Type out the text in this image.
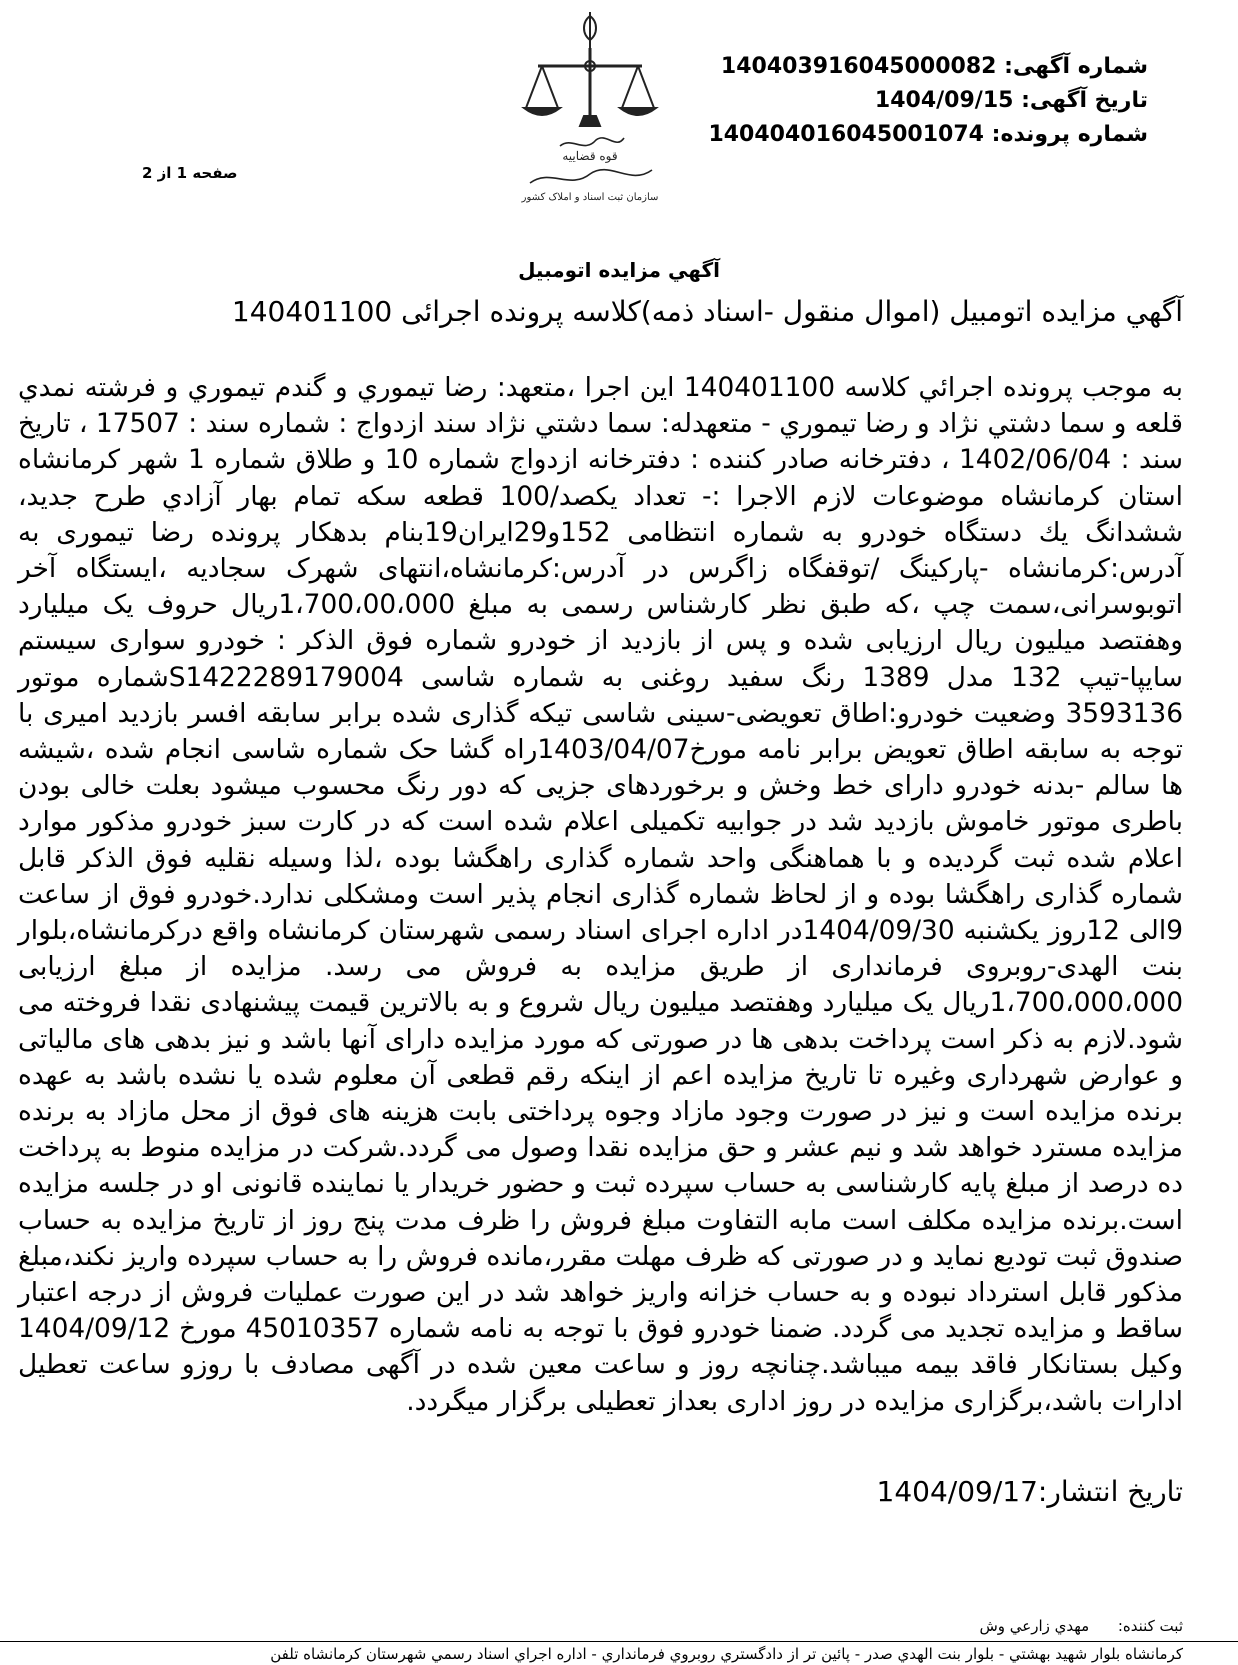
شماره آگهی: 140403916045000082
تاریخ آگهی: 1404/09/15
شماره پرونده: 140404016045001074
قوه قضاییه
سازمان ثبت اسناد و املاک کشور
صفحه 1 از 2
آگهي مزايده اتومبيل
آگهي مزايده اتومبيل (اموال منقول -اسناد ذمه)کلاسه پرونده اجرائی 140401100

به موجب پرونده اجرائي كلاسه 140401100 اين اجرا ،متعهد: رضا تيموري و گندم تيموري و فرشته نمدي قلعه و سما دشتي نژاد و رضا تيموري - متعهدله: سما دشتي نژاد سند ازدواج : شماره سند : 17507 ، تاريخ سند : 1402/06/04 ، دفترخانه صادر كننده : دفترخانه ازدواج شماره 10 و طلاق شماره 1 شهر كرمانشاه استان كرمانشاه موضوعات لازم الاجرا :- تعداد یکصد/100 قطعه سکه تمام بهار آزادي طرح جديد، ششدانگ يك دستگاه خودرو به شماره انتظامی 152و29ایران19بنام بدهکار پرونده رضا تیموری به آدرس:کرمانشاه -پارکینگ /توقفگاه زاگرس در آدرس:کرمانشاه،انتهای شهرک سجادیه ،ایستگاه آخر اتوبوسرانی،سمت چپ ،که طبق نظر کارشناس رسمی به مبلغ 1،700،00،000ریال حروف یک میلیارد وهفتصد میلیون ریال ارزیابی شده و پس از بازدید از خودرو شماره فوق الذکر : خودرو سواری سیستم سایپا-تیپ 132 مدل 1389 رنگ سفید روغنی به شماره شاسی S1422289179004شماره موتور 3593136 وضعیت خودرو:اطاق تعویضی-سینی شاسی تیکه گذاری شده برابر سابقه افسر بازدید امیری با توجه به سابقه اطاق تعویض برابر نامه مورخ1403/04/07راه گشا حک شماره شاسی انجام شده ،شیشه ها سالم -بدنه خودرو دارای خط وخش و برخوردهای جزیی که دور رنگ محسوب میشود بعلت خالی بودن باطری موتور خاموش بازدید شد در جوابیه تکمیلی اعلام شده است که در کارت سبز خودرو مذکور موارد اعلام شده ثبت گردیده و با هماهنگی واحد شماره گذاری راهگشا بوده ،لذا وسیله نقلیه فوق الذکر قابل شماره گذاری راهگشا بوده و از لحاظ شماره گذاری انجام پذیر است ومشکلی ندارد.خودرو فوق از ساعت 9الی 12روز یکشنبه 1404/09/30در اداره اجرای اسناد رسمی شهرستان کرمانشاه واقع درکرمانشاه،بلوار بنت الهدی-روبروی فرمانداری از طریق مزایده به فروش می رسد. مزایده از مبلغ ارزیابی 1،700،000،000ریال یک میلیارد وهفتصد میلیون ریال شروع و به بالاترین قیمت پیشنهادی نقدا فروخته می شود.لازم به ذکر است پرداخت بدهی ها در صورتی که مورد مزایده دارای آنها باشد و نیز بدهی های مالیاتی و عوارض شهرداری وغیره تا تاریخ مزایده اعم از اینکه رقم قطعی آن معلوم شده یا نشده باشد به عهده برنده مزایده است و نیز در صورت وجود مازاد وجوه پرداختی بابت هزینه های فوق از محل مازاد به برنده مزایده مسترد خواهد شد و نیم عشر و حق مزایده نقدا وصول می گردد.شرکت در مزایده منوط به پرداخت ده درصد از مبلغ پایه کارشناسی به حساب سپرده ثبت و حضور خریدار یا نماینده قانونی او در جلسه مزایده است.برنده مزایده مکلف است مابه التفاوت مبلغ فروش را ظرف مدت پنج روز از تاریخ مزایده به حساب صندوق ثبت تودیع نماید و در صورتی که ظرف مهلت مقرر،مانده فروش را به حساب سپرده واریز نکند،مبلغ مذکور قابل استرداد نبوده و به حساب خزانه واریز خواهد شد در این صورت عملیات فروش از درجه اعتبار ساقط و مزایده تجدید می گردد. ضمنا خودرو فوق با توجه به نامه شماره 45010357 مورخ 1404/09/12 وکیل بستانکار فاقد بیمه میباشد.چنانچه روز و ساعت معین شده در آگهی مصادف با روزو ساعت تعطیل ادارات باشد،برگزاری مزایده در روز اداری بعداز تعطیلی برگزار میگردد.

تاریخ انتشار:1404/09/17
ثبت کننده:      مهدي زارعي وش
كرمانشاه بلوار شهيد بهشتي - بلوار بنت الهدي صدر - پائين تر از دادگستري روبروي فرمانداري - اداره اجراي اسناد رسمي شهرستان كرمانشاه تلفن
